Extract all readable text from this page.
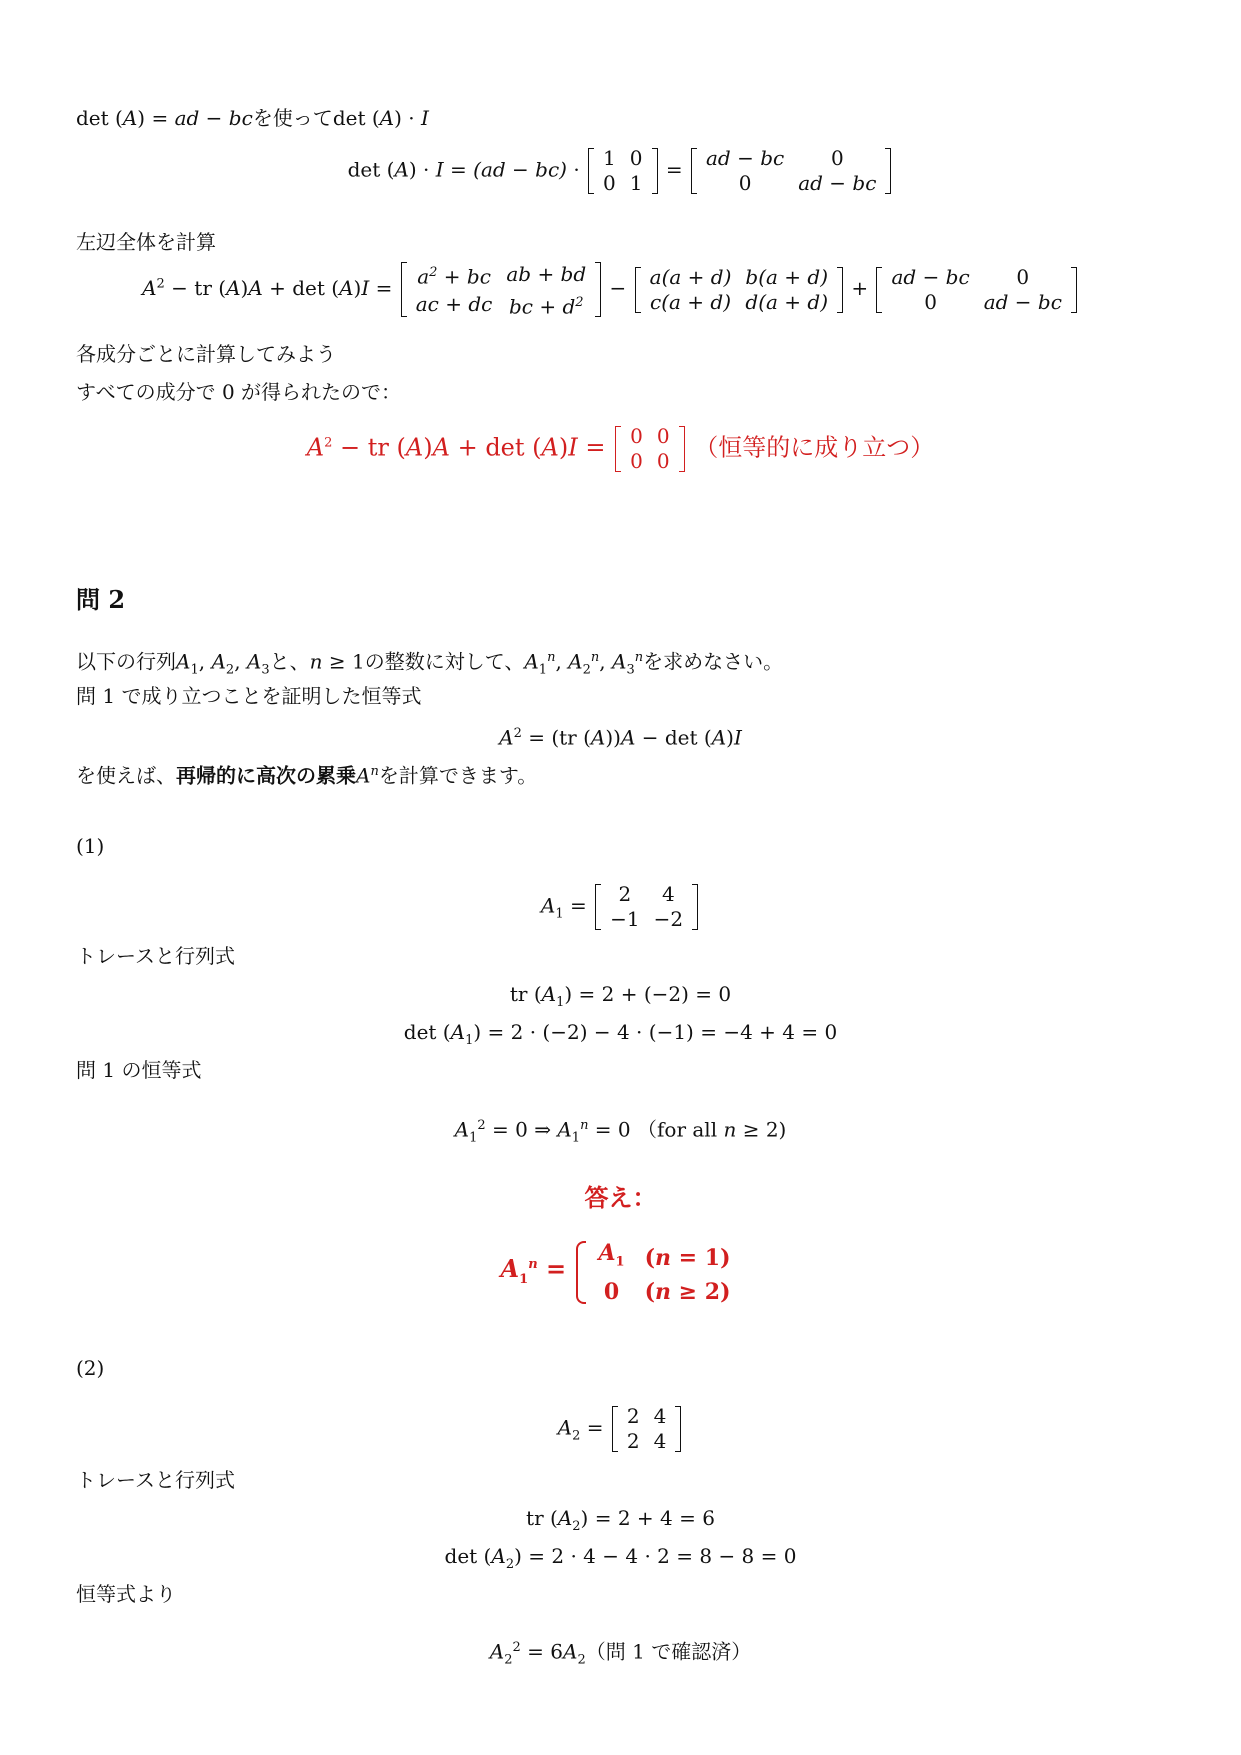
det (A) = ad − bcを使ってdet (A) · I
det (A) · I = (ad − bc) · 1	0
0	1
= ad − bc	0
0	ad − bc
左辺全体を計算
$A^2$ − tr $(A)A + \det (A)I = a^2$ + bc	ab + bd
ac + dc	bc + $d^2$
− a(a + d)	b(a + d)
c(a + d)	d(a + d)
+ ad − bc	0
0	ad − bc
各成分ごとに計算してみよう
すべての成分で 0 が得られたので：
$A^2$ − tr (A)A + det (A)I = 0	0
0	0 （恒等的に成り立つ）
問 2
以下の行列$A_1$, $A_2$, $A_3$と、n ≥ 1の整数に対して、$A_1^n$, $A_2^n$, $A_3^n$を求めなさい。
問 1 で成り立つことを証明した恒等式
$A^2 = (tr$ (A))A − det (A)I
を使えば、再帰的に高次の累乗$A^n$を計算できます。
(1)
$A_1 = 2$	4
−1	−2
トレースと行列式
tr $(A_1) = 2 + (-2) = 0$
$\det (A_1) = 2 \cdot (-2) - 4 \cdot (-1) = -4 + 4 = 0$
問 1 の恒等式
$A_1^2 = 0$ ⇒ $A_1^n = 0$ （for all n ≥ 2)
答え：
$A_1^n$ =
$A_1$	(n = 1)
0	(n ≥ 2)
(2)
$A_2 = 2$	4
2	4
トレースと行列式
tr $(A_2) = 2 + 4 = 6$
$\det (A_2) = 2 \cdot 4 - 4 \cdot 2 = 8 - 8 = 0$
恒等式より
$A_2^2 = 6A_2$（問 1 で確認済）
